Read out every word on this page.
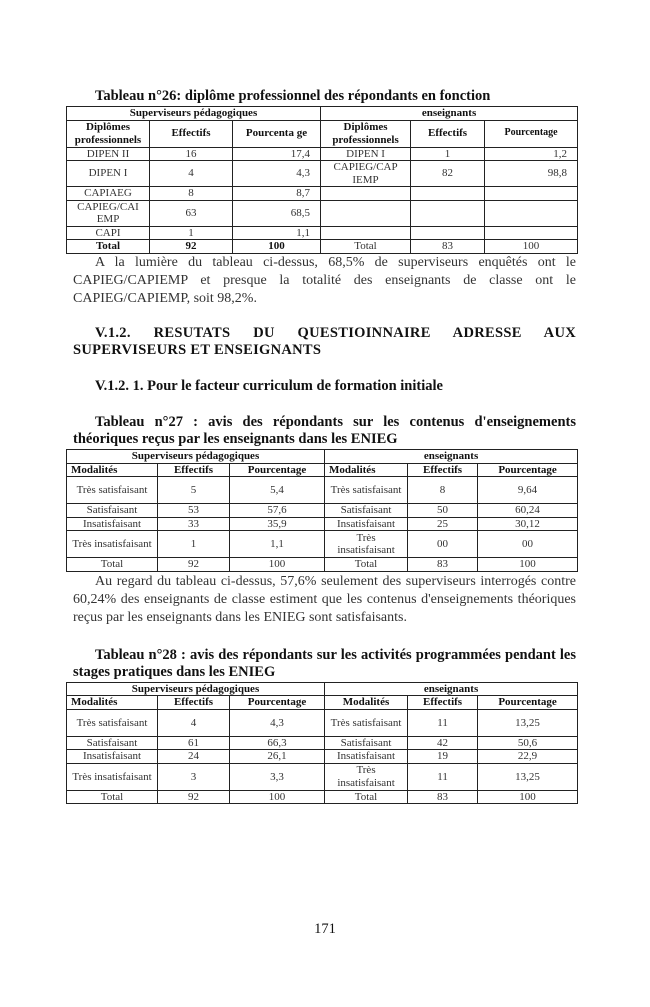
Tableau n°26: diplôme professionnel des répondants en fonction

Superviseurs pédagogiques			enseignants		
Diplômes professionnels	Effectifs	Pourcenta ge	Diplômes professionnels	Effectifs	Pourcentage
DIPEN II	16	17,4	DIPEN I	1	1,2
DIPEN I	4	4,3	CAPIEG/CAP IEMP	82	98,8
CAPIAEG	8	8,7			
CAPIEG/CAI EMP	63	68,5			
CAPI	1	1,1			
Total	92	100	Total	83	100

A la lumière du tableau ci-dessus, 68,5% de superviseurs enquêtés ont le CAPIEG/CAPIEMP et presque la totalité des enseignants de classe ont le CAPIEG/CAPIEMP, soit 98,2%.

V.1.2. RESUTATS DU QUESTIOINNAIRE ADRESSE AUX SUPERVISEURS ET ENSEIGNANTS
V.1.2. 1. Pour le facteur curriculum de formation initiale

Tableau n°27 : avis des répondants sur les contenus d'enseignements théoriques reçus par les enseignants dans les ENIEG

Superviseurs pédagogiques			enseignants		
Modalités	Effectifs	Pourcentage	Modalités	Effectifs	Pourcentage
Très satisfaisant	5	5,4	Très satisfaisant	8	9,64
Satisfaisant	53	57,6	Satisfaisant	50	60,24
Insatisfaisant	33	35,9	Insatisfaisant	25	30,12
Très insatisfaisant	1	1,1	Très insatisfaisant	00	00
Total	92	100	Total	83	100

Au regard du tableau ci-dessus, 57,6% seulement des superviseurs interrogés contre 60,24% des enseignants de classe estiment que les contenus d'enseignements théoriques reçus par les enseignants dans les ENIEG sont satisfaisants.

Tableau n°28 : avis des répondants sur les activités programmées pendant les stages pratiques dans les ENIEG

Superviseurs pédagogiques			enseignants		
Modalités	Effectifs	Pourcentage	Modalités	Effectifs	Pourcentage
Très satisfaisant	4	4,3	Très satisfaisant	11	13,25
Satisfaisant	61	66,3	Satisfaisant	42	50,6
Insatisfaisant	24	26,1	Insatisfaisant	19	22,9
Très insatisfaisant	3	3,3	Très insatisfaisant	11	13,25
Total	92	100	Total	83	100
171
